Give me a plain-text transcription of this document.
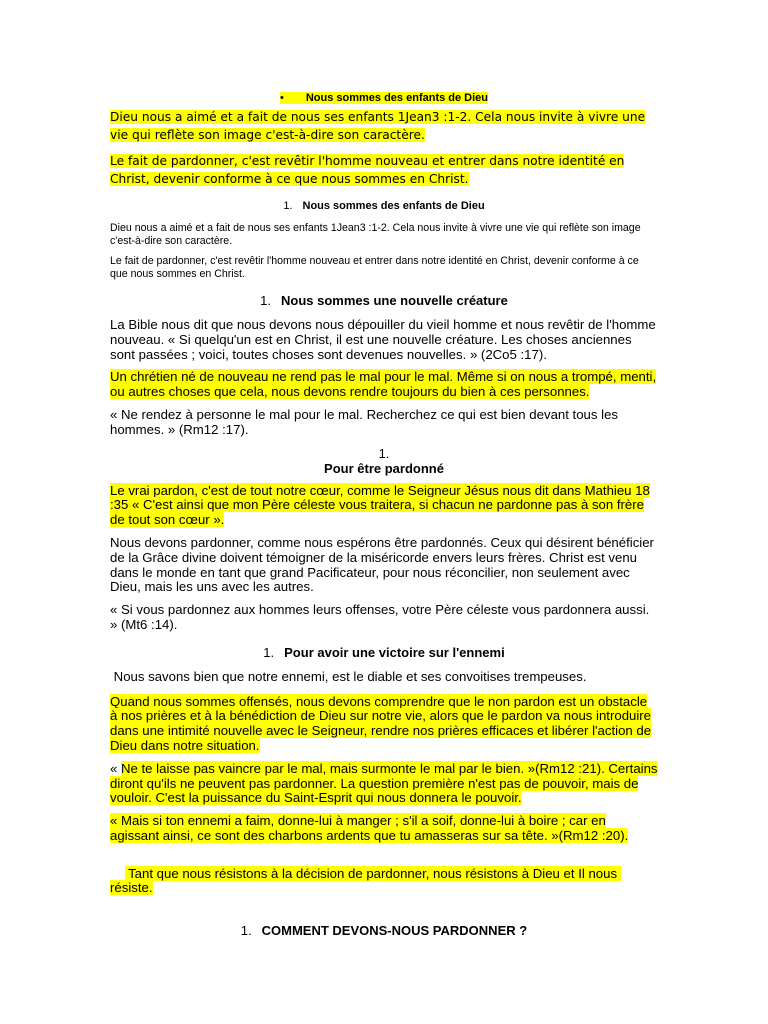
• Nous sommes des enfants de Dieu

Dieu nous a aimé et a fait de nous ses enfants 1Jean3 :1-2. Cela nous invite à vivre une vie qui reflète son image c'est-à-dire son caractère.

Le fait de pardonner, c'est revêtir l'homme nouveau et entrer dans notre identité en Christ, devenir conforme à ce que nous sommes en Christ.

1. Nous sommes des enfants de Dieu

Dieu nous a aimé et a fait de nous ses enfants 1Jean3 :1-2. Cela nous invite à vivre une vie qui reflète son image c'est-à-dire son caractère.

Le fait de pardonner, c'est revêtir l'homme nouveau et entrer dans notre identité en Christ, devenir conforme à ce que nous sommes en Christ.

1. Nous sommes une nouvelle créature

La Bible nous dit que nous devons nous dépouiller du vieil homme et nous revêtir de l'homme nouveau. « Si quelqu'un est en Christ, il est une nouvelle créature. Les choses anciennes sont passées ; voici, toutes choses sont devenues nouvelles. » (2Co5 :17).

Un chrétien né de nouveau ne rend pas le mal pour le mal. Même si on nous a trompé, menti, ou autres choses que cela, nous devons rendre toujours du bien à ces personnes.

« Ne rendez à personne le mal pour le mal. Recherchez ce qui est bien devant tous les hommes. » (Rm12 :17).

1.

Pour être pardonné

Le vrai pardon, c'est de tout notre cœur, comme le Seigneur Jésus nous dit dans Mathieu 18 :35 « C'est ainsi que mon Père céleste vous traitera, si chacun ne pardonne pas à son frère de tout son cœur ».

Nous devons pardonner, comme nous espérons être pardonnés. Ceux qui désirent bénéficier de la Grâce divine doivent témoigner de la miséricorde envers leurs frères. Christ est venu dans le monde en tant que grand Pacificateur, pour nous réconcilier, non seulement avec Dieu, mais les uns avec les autres.

« Si vous pardonnez aux hommes leurs offenses, votre Père céleste vous pardonnera aussi. » (Mt6 :14).

1. Pour avoir une victoire sur l'ennemi

Nous savons bien que notre ennemi, est le diable et ses convoitises trempeuses.

Quand nous sommes offensés, nous devons comprendre que le non pardon est un obstacle à nos prières et à la bénédiction de Dieu sur notre vie, alors que le pardon va nous introduire dans une intimité nouvelle avec le Seigneur, rendre nos prières efficaces et libérer l'action de Dieu dans notre situation.

« Ne te laisse pas vaincre par le mal, mais surmonte le mal par le bien. »(Rm12 :21). Certains diront qu'ils ne peuvent pas pardonner. La question première n'est pas de pouvoir, mais de vouloir. C'est la puissance du Saint-Esprit qui nous donnera le pouvoir.

« Mais si ton ennemi a faim, donne-lui à manger ; s'il a soif, donne-lui à boire ; car en agissant ainsi, ce sont des charbons ardents que tu amasseras sur sa tête. »(Rm12 :20).

Tant que nous résistons à la décision de pardonner, nous résistons à Dieu et Il nous résiste.

1. COMMENT DEVONS-NOUS PARDONNER ?
